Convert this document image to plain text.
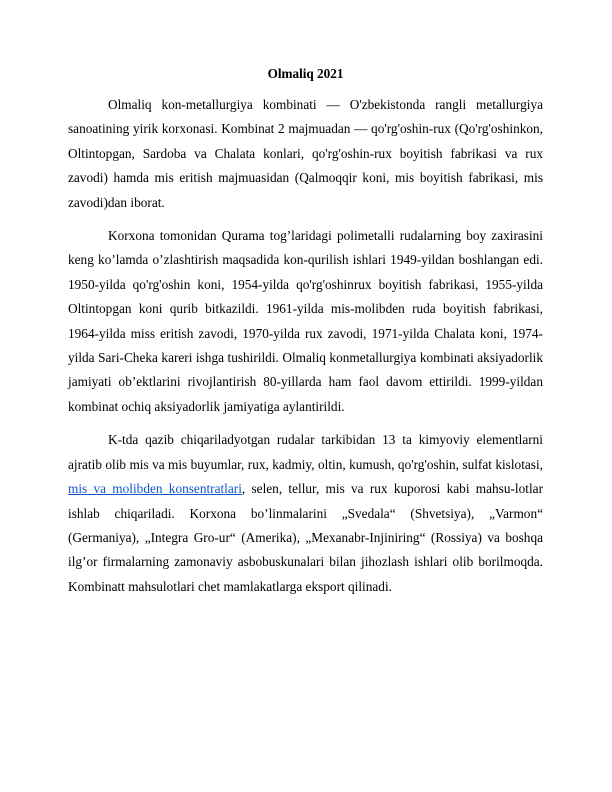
Olmaliq 2021

Olmaliq kon-metallurgiya kombinati — O'zbekistonda rangli metallurgiya sanoatining yirik korxonasi. Kombinat 2 majmuadan — qo'rg'oshin-rux (Qo'rg'oshinkon, Oltintopgan, Sardoba va Chalata konlari, qo'rg'oshin-rux boyitish fabrikasi va rux zavodi) hamda mis eritish majmuasidan (Qalmoqqir koni, mis boyitish fabrikasi, mis zavodi)dan iborat.

Korxona tomonidan Qurama tog’laridagi polimetalli rudalarning boy zaxirasini keng ko’lamda o’zlashtirish maqsadida kon-qurilish ishlari 1949-yildan boshlangan edi. 1950-yilda qo'rg'oshin koni, 1954-yilda qo'rg'oshinrux boyitish fabrikasi, 1955-yilda Oltintopgan koni qurib bitkazildi. 1961-yilda mis-molibden ruda boyitish fabrikasi, 1964-yilda miss eritish zavodi, 1970-yilda rux zavodi, 1971-yilda Chalata koni, 1974-yilda Sari-Cheka kareri ishga tushirildi. Olmaliq konmetallurgiya kombinati aksiyadorlik jamiyati ob’ektlarini rivojlantirish 80-yillarda ham faol davom ettirildi. 1999-yildan kombinat ochiq aksiyadorlik jamiyatiga aylantirildi.

K-tda qazib chiqariladyotgan rudalar tarkibidan 13 ta kimyoviy elementlarni ajratib olib mis va mis buyumlar, rux, kadmiy, oltin, kumush, qo'rg'oshin, sulfat kislotasi, mis va molibden konsentratlari, selen, tellur, mis va rux kuporosi kabi mahsu-lotlar ishlab chiqariladi. Korxona bo’linmalarini „Svedala“ (Shvetsiya), „Varmon“ (Germaniya), „Integra Gro-ur“ (Amerika), „Mexanabr-Injiniring“ (Rossiya) va boshqa ilg’or firmalarning zamonaviy asbobuskunalari bilan jihozlash ishlari olib borilmoqda. Kombinatt mahsulotlari chet mamlakatlarga eksport qilinadi.
